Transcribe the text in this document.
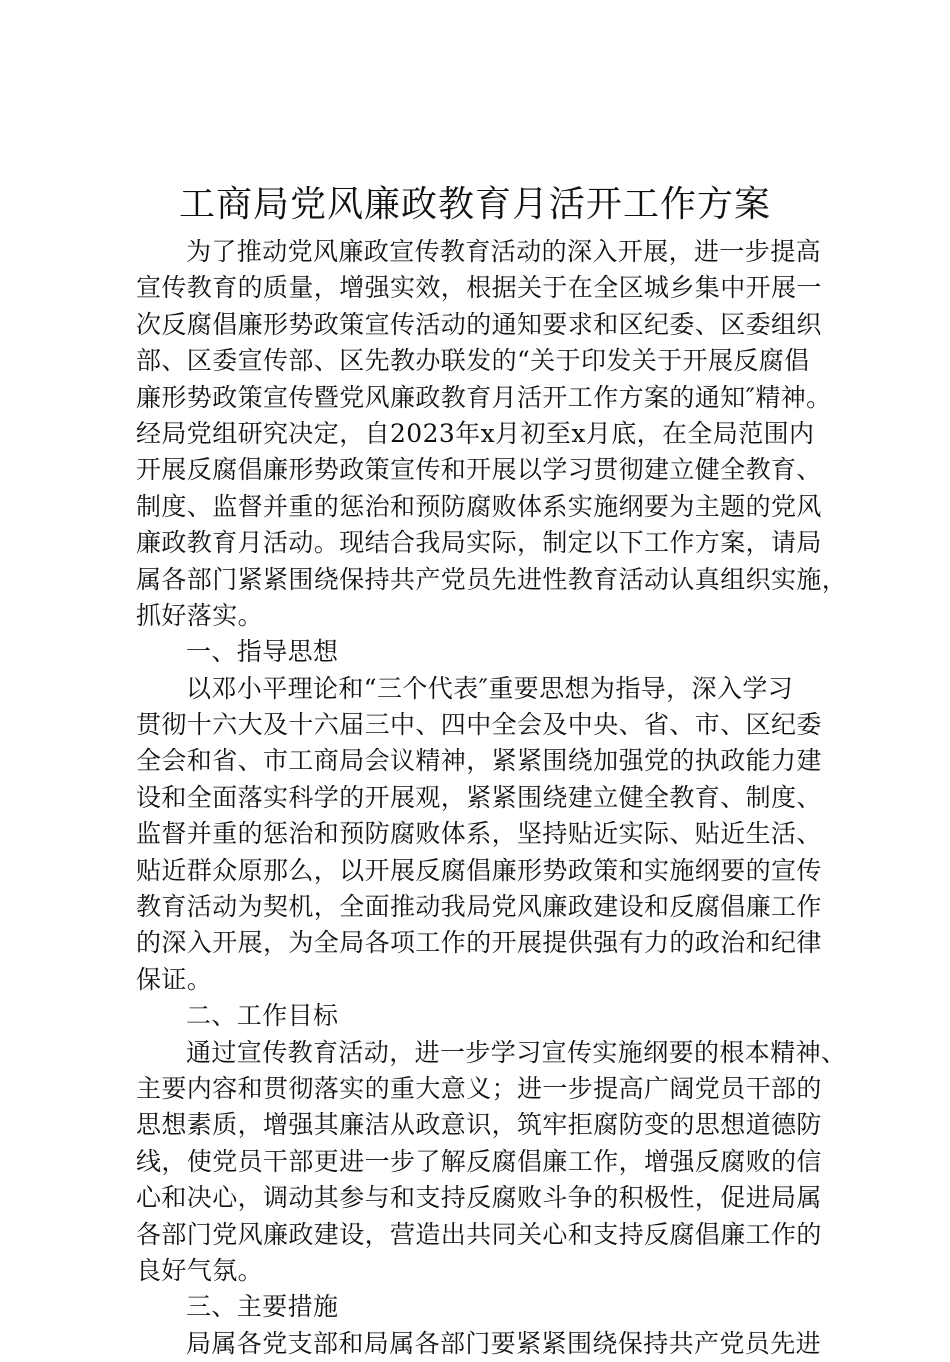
工商局党风廉政教育月活开工作方案
为了推动党风廉政宣传教育活动的深入开展，进一步提高
宣传教育的质量，增强实效，根据关于在全区城乡集中开展一
次反腐倡廉形势政策宣传活动的通知要求和区纪委、区委组织
部、区委宣传部、区先教办联发的“关于印发关于开展反腐倡
廉形势政策宣传暨党风廉政教育月活开工作方案的通知″精神。
经局党组研究决定，自2023年x月初至x月底，在全局范围内
开展反腐倡廉形势政策宣传和开展以学习贯彻建立健全教育、
制度、监督并重的惩治和预防腐败体系实施纲要为主题的党风
廉政教育月活动。现结合我局实际，制定以下工作方案，请局
属各部门紧紧围绕保持共产党员先进性教育活动认真组织实施，
抓好落实。
一、指导思想
以邓小平理论和“三个代表″重要思想为指导，深入学习
贯彻十六大及十六届三中、四中全会及中央、省、市、区纪委
全会和省、市工商局会议精神，紧紧围绕加强党的执政能力建
设和全面落实科学的开展观，紧紧围绕建立健全教育、制度、
监督并重的惩治和预防腐败体系，坚持贴近实际、贴近生活、
贴近群众原那么，以开展反腐倡廉形势政策和实施纲要的宣传
教育活动为契机，全面推动我局党风廉政建设和反腐倡廉工作
的深入开展，为全局各项工作的开展提供强有力的政治和纪律
保证。
二、工作目标
通过宣传教育活动，进一步学习宣传实施纲要的根本精神、
主要内容和贯彻落实的重大意义；进一步提高广阔党员干部的
思想素质，增强其廉洁从政意识，筑牢拒腐防变的思想道德防
线，使党员干部更进一步了解反腐倡廉工作，增强反腐败的信
心和决心，调动其参与和支持反腐败斗争的积极性，促进局属
各部门党风廉政建设，营造出共同关心和支持反腐倡廉工作的
良好气氛。
三、主要措施
局属各党支部和局属各部门要紧紧围绕保持共产党员先进
